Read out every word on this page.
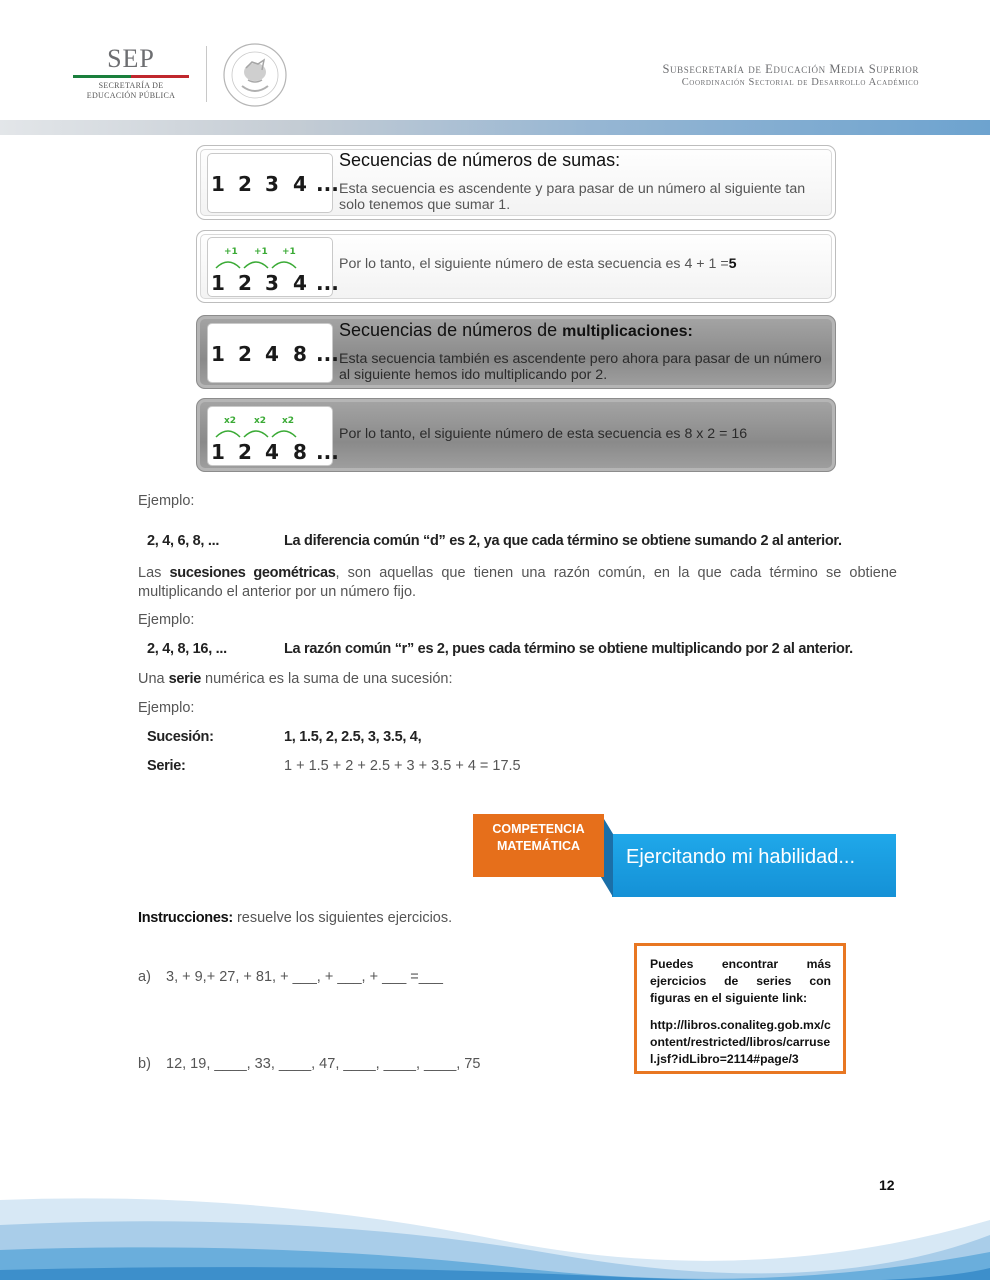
SEP
SECRETARÍA DE
EDUCACIÓN PÚBLICA
Subsecretaría de Educación Media Superior
Coordinación Sectorial de Desarrollo Académico
1 2 3 4 ...
Secuencias de números de sumas:
Esta secuencia es ascendente y para pasar de un número al siguiente tan solo tenemos que sumar 1.
+1 +1 +1
1 2 3 4 ...
Por lo tanto, el siguiente número de esta secuencia es 4 + 1 =5
1 2 4 8 ...
Secuencias de números de multiplicaciones:
Esta secuencia también es ascendente pero ahora para pasar de un número al siguiente hemos ido multiplicando por 2.
x2 x2 x2
1 2 4 8 ...
Por lo tanto, el siguiente número de esta secuencia es 8 x 2 = 16
Ejemplo:
2, 4, 6, 8, ...	La diferencia común “d” es 2, ya que cada término se obtiene sumando 2 al anterior.
Las sucesiones geométricas, son aquellas que tienen una razón común, en la que cada término se obtiene multiplicando el anterior por un número fijo.
Ejemplo:
2, 4, 8, 16, ...	La razón común “r” es 2, pues cada término se obtiene multiplicando por 2 al anterior.
Una serie numérica es la suma de una sucesión:
Ejemplo:
Sucesión:	1, 1.5, 2, 2.5, 3, 3.5, 4,
Serie:	1 + 1.5 + 2 + 2.5 + 3 + 3.5 + 4 = 17.5
Ejercitando mi habilidad...
COMPETENCIA
MATEMÁTICA
Instrucciones: resuelve los siguientes ejercicios.
a) 3, + 9,+ 27, + 81, + ___, + ___, + ___ =___
b) 12, 19, ____, 33, ____, 47, ____, ____, ____, 75
Puedes encontrar más ejercicios de series con figuras en el siguiente link:
http://libros.conaliteg.gob.mx/content/restricted/libros/carrusel.jsf?idLibro=2114#page/3
12
